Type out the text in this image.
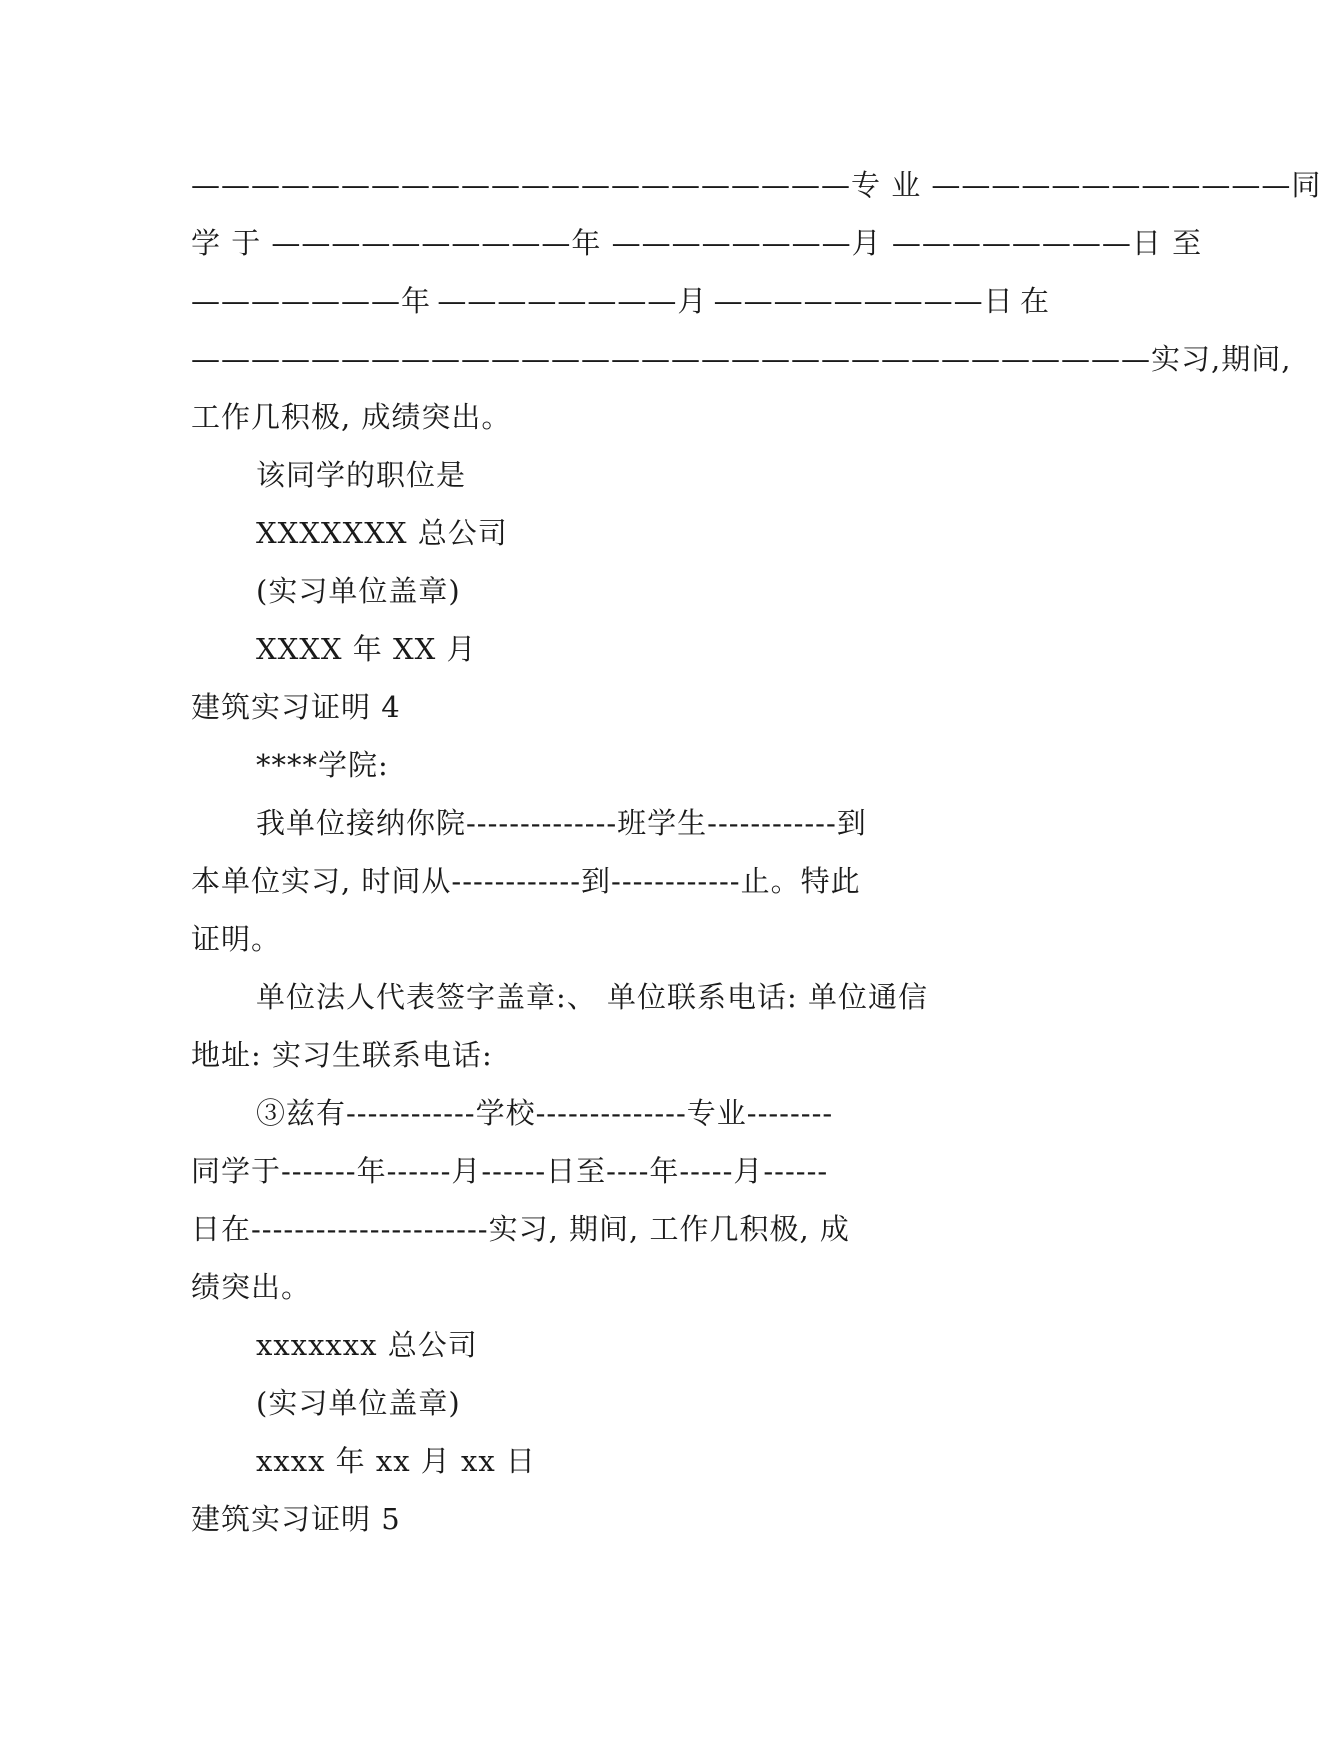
——————————————————————专 业 ————————————同
学 于 ——————————年 ————————月 ————————日 至
———————年 ————————月 —————————日 在
————————————————————————————————实习,期间,
工作几积极, 成绩突出。
该同学的职位是
XXXXXXX 总公司
(实习单位盖章)
XXXX 年 XX 月
建筑实习证明 4
****学院:
我单位接纳你院--------------班学生------------到
本单位实习, 时间从------------到------------止。特此
证明。
单位法人代表签字盖章:、 单位联系电话: 单位通信
地址: 实习生联系电话:
③兹有------------学校--------------专业--------
同学于-------年------月------日至----年-----月------
日在----------------------实习, 期间, 工作几积极, 成
绩突出。
xxxxxxx 总公司
(实习单位盖章)
xxxx 年 xx 月 xx 日
建筑实习证明 5
